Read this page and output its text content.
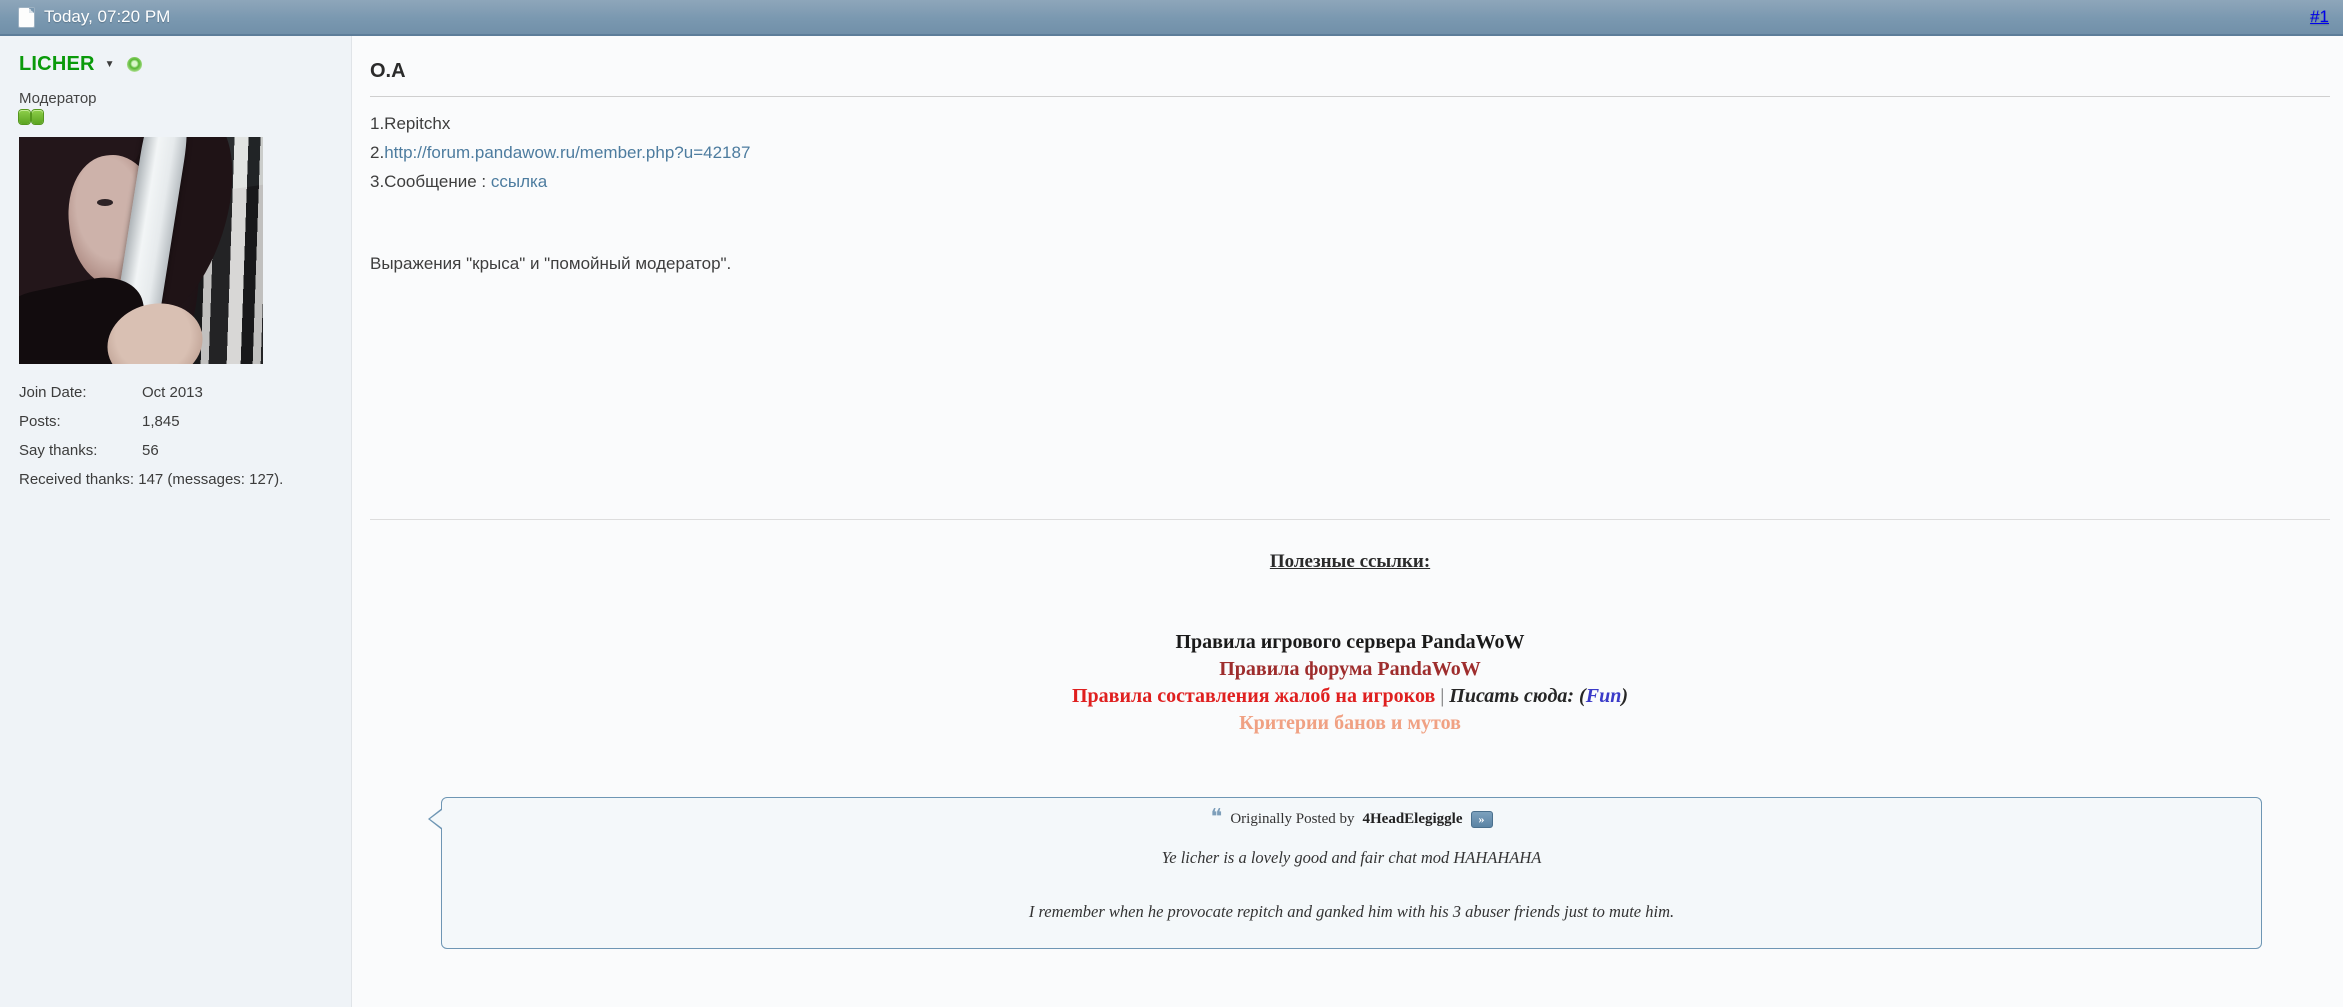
Today, 07:20 PM	#1
LICHER ▼
Модератор
Join Date:	Oct 2013
Posts:	1,845
Say thanks:	56
Received thanks: 147 (messages: 127).
О.А
1.Repitchx
2.http://forum.pandawow.ru/member.php?u=42187
3.Сообщение : ссылка
Выражения "крыса" и "помойный модератор".
Полезные ссылки:
Правила игрового сервера PandaWoW
Правила форума PandaWoW
Правила составления жалоб на игроков | Писать сюда: (Fun)
Критерии банов и мутов
❝ Originally Posted by 4HeadElegiggle	»
Ye licher is a lovely good and fair chat mod HAHAHAHA
I remember when he provocate repitch and ganked him with his 3 abuser friends just to mute him.
